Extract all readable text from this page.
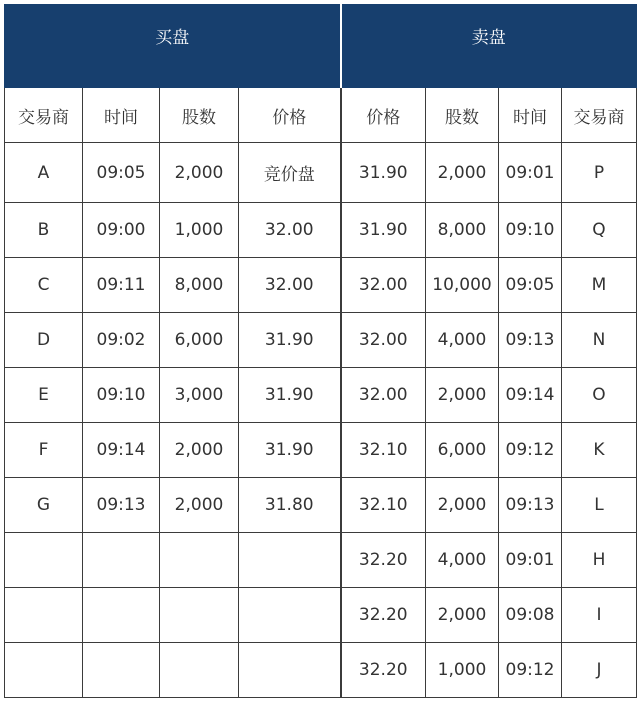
买盘				卖盘			
交易商	时间	股数	价格	价格	股数	时间	交易商
A	09:05	2,000	竞价盘	31.90	2,000	09:01	P
B	09:00	1,000	32.00	31.90	8,000	09:10	Q
C	09:11	8,000	32.00	32.00	10,000	09:05	M
D	09:02	6,000	31.90	32.00	4,000	09:13	N
E	09:10	3,000	31.90	32.00	2,000	09:14	O
F	09:14	2,000	31.90	32.10	6,000	09:12	K
G	09:13	2,000	31.80	32.10	2,000	09:13	L
				32.20	4,000	09:01	H
				32.20	2,000	09:08	I
				32.20	1,000	09:12	J
